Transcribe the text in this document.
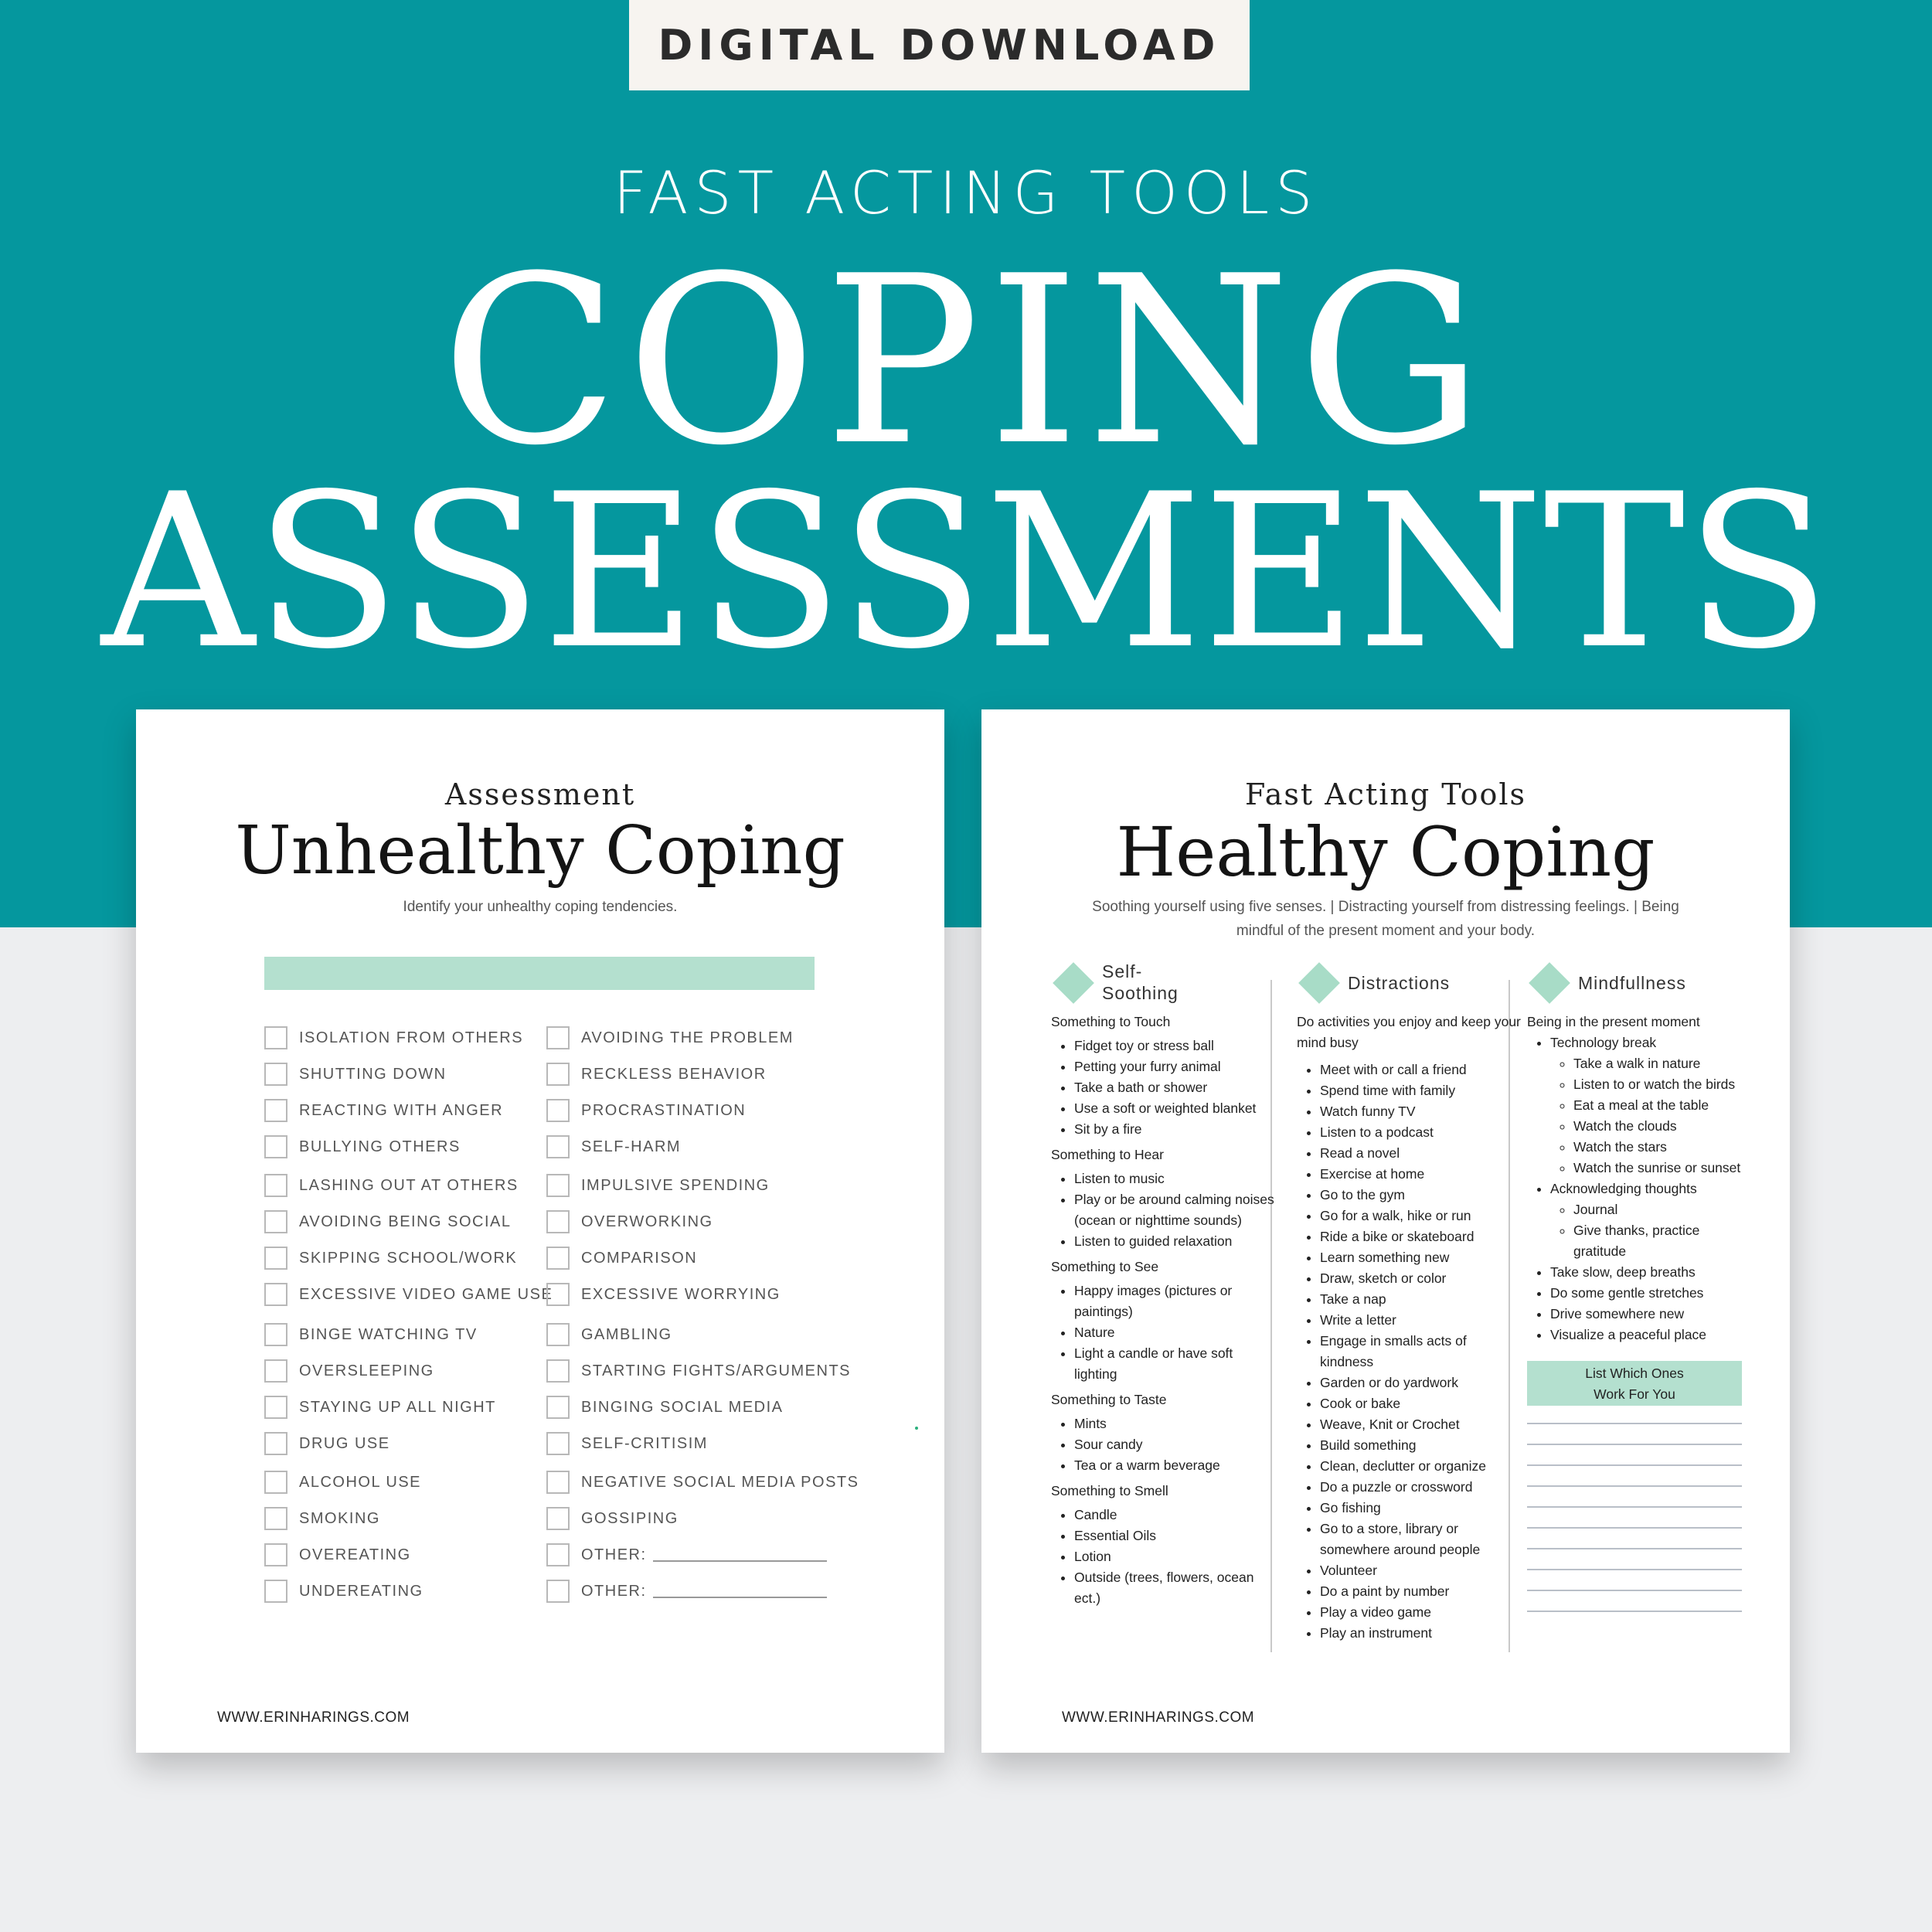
DIGITAL DOWNLOAD
FAST ACTING TOOLS
COPING
ASSESSMENTS
Assessment
Unhealthy Coping
Identify your unhealthy coping tendencies.
ISOLATION FROM OTHERS
SHUTTING DOWN
REACTING WITH ANGER
BULLYING OTHERS
LASHING OUT AT OTHERS
AVOIDING BEING SOCIAL
SKIPPING SCHOOL/WORK
EXCESSIVE VIDEO GAME USE
BINGE WATCHING TV
OVERSLEEPING
STAYING UP ALL NIGHT
DRUG USE
ALCOHOL USE
SMOKING
OVEREATING
UNDEREATING
AVOIDING THE PROBLEM
RECKLESS BEHAVIOR
PROCRASTINATION
SELF-HARM
IMPULSIVE SPENDING
OVERWORKING
COMPARISON
EXCESSIVE WORRYING
GAMBLING
STARTING FIGHTS/ARGUMENTS
BINGING SOCIAL MEDIA
SELF-CRITISIM
NEGATIVE SOCIAL MEDIA POSTS
GOSSIPING
OTHER:
OTHER:
WWW.ERINHARINGS.COM
Fast Acting Tools
Healthy Coping
Soothing yourself using five senses. | Distracting yourself from distressing feelings. | Being mindful of the present moment and your body.
Self-
Soothing

Something to Touch

• Fidget toy or stress ball
• Petting your furry animal
• Take a bath or shower
• Use a soft or weighted blanket
• Sit by a fire

Something to Hear

• Listen to music
• Play or be around calming noises (ocean or nighttime sounds)
• Listen to guided relaxation

Something to See

• Happy images (pictures or paintings)
• Nature
• Light a candle or have soft lighting

Something to Taste

• Mints
• Sour candy
• Tea or a warm beverage

Something to Smell

• Candle
• Essential Oils
• Lotion
• Outside (trees, flowers, ocean ect.)
Distractions

Do activities you enjoy and keep your mind busy

• Meet with or call a friend
• Spend time with family
• Watch funny TV
• Listen to a podcast
• Read a novel
• Exercise at home
• Go to the gym
• Go for a walk, hike or run
• Ride a bike or skateboard
• Learn something new
• Draw, sketch or color
• Take a nap
• Write a letter
• Engage in smalls acts of kindness
• Garden or do yardwork
• Cook or bake
• Weave, Knit or Crochet
• Build something
• Clean, declutter or organize
• Do a puzzle or crossword
• Go fishing
• Go to a store, library or somewhere around people
• Volunteer
• Do a paint by number
• Play a video game
• Play an instrument
Mindfullness

Being in the present moment

• Technology break
◦ Take a walk in nature
◦ Listen to or watch the birds
◦ Eat a meal at the table
◦ Watch the clouds
◦ Watch the stars
◦ Watch the sunrise or sunset
• Acknowledging thoughts
◦ Journal
◦ Give thanks, practice gratitude
• Take slow, deep breaths
• Do some gentle stretches
• Drive somewhere new
• Visualize a peaceful place
List Which Ones
Work For You
WWW.ERINHARINGS.COM
